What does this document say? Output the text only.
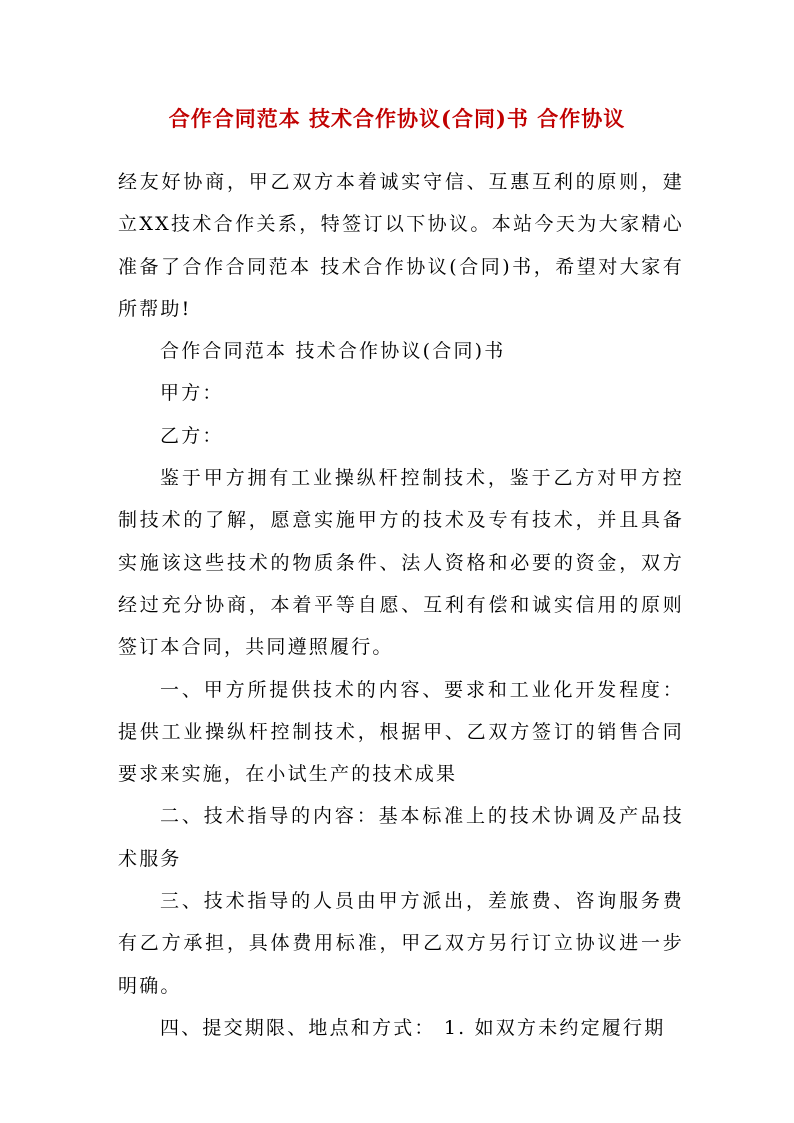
合作合同范本 技术合作协议(合同)书 合作协议

经友好协商，甲乙双方本着诚实守信、互惠互利的原则，建立XX技术合作关系，特签订以下协议。本站今天为大家精心准备了合作合同范本 技术合作协议(合同)书，希望对大家有所帮助!

合作合同范本 技术合作协议(合同)书

甲方：

乙方：

鉴于甲方拥有工业操纵杆控制技术，鉴于乙方对甲方控制技术的了解，愿意实施甲方的技术及专有技术，并且具备实施该这些技术的物质条件、法人资格和必要的资金，双方经过充分协商，本着平等自愿、互利有偿和诚实信用的原则签订本合同，共同遵照履行。

一、甲方所提供技术的内容、要求和工业化开发程度：提供工业操纵杆控制技术，根据甲、乙双方签订的销售合同要求来实施，在小试生产的技术成果

二、技术指导的内容：基本标准上的技术协调及产品技术服务

三、技术指导的人员由甲方派出，差旅费、咨询服务费有乙方承担，具体费用标准，甲乙双方另行订立协议进一步明确。

四、提交期限、地点和方式： 1. 如双方未约定履行期
